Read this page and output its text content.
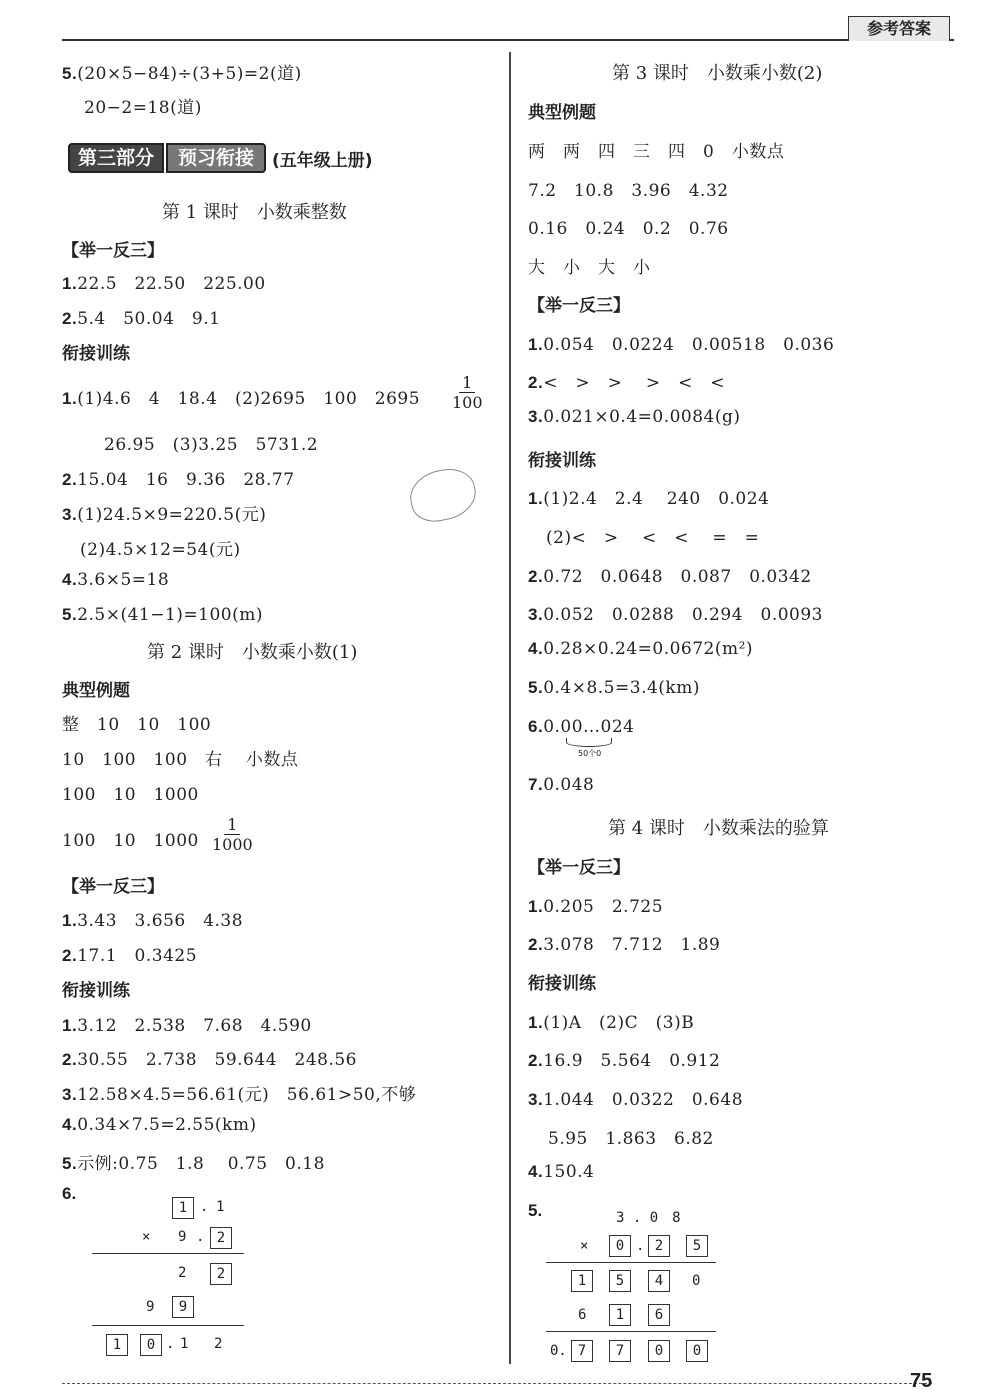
参考答案
5.(20×5−84)÷(3+5)=2(道)
20−2=18(道)
第三部分	预习衔接	(五年级上册)
第 1 课时　小数乘整数
【举一反三】
1.22.5　22.50　225.00
2.5.4　50.04　9.1
衔接训练
1.(1)4.6　4　18.4　(2)2695　100　$2695 \frac{1}{100}$
26.95　(3)3.25　5731.2
2.15.04　16　9.36　28.77
3.(1)24.5×9=220.5(元)
(2)4.5×12=54(元)
4.3.6×5=18
5.2.5×(41−1)=100(m)
第 2 课时　小数乘小数(1)
典型例题
整　10　10　100
10　100　100　右　 小数点
100　10　1000
100　10　$1000 \frac{1}{1000}$
【举一反三】
1.3.43　3.656　4.38
2.17.1　0.3425
衔接训练
1.3.12　2.538　7.68　4.590
2.30.55　2.738　59.644　248.56
3.12.58×4.5=56.61(元)　56.61>50,不够
4.0.34×7.5=2.55(km)
5.示例:0.75　1.8　 0.75　0.18
6.
1 . 1
× 9 . 2
2	2
9	9
1	0 . 1 2
第 3 课时　小数乘小数(2)
典型例题
两　两　四　三　四　0　小数点
7.2　10.8　3.96　4.32
0.16　0.24　0.2　0.76
大　小　大　小
【举一反三】
1.0.054　0.0224　0.00518　0.036
2.<　>　>　 >　<　<
3.0.021×0.4=0.0084(g)
衔接训练
1.(1)2.4　2.4　 240　0.024
(2)<　>　 <　<　 =　=
2.0.72　0.0648　0.087　0.0342
3.0.052　0.0288　0.294　0.0093
4.0.28×0.24=0.0672(m²)
5.0.4×8.5=3.4(km)
6.0.00…024
50个0
7.0.048
第 4 课时　小数乘法的验算
【举一反三】
1.0.205　2.725
2.3.078　7.712　1.89
衔接训练
1.(1)A　(2)C　(3)B
2.16.9　5.564　0.912
3.1.044　0.0322　0.648
5.95　1.863　6.82
4.150.4
5.	3 . 0　8
×	0 . 2	5
1	5	4	0
6	1	6
0. 7	7	0	0
75
